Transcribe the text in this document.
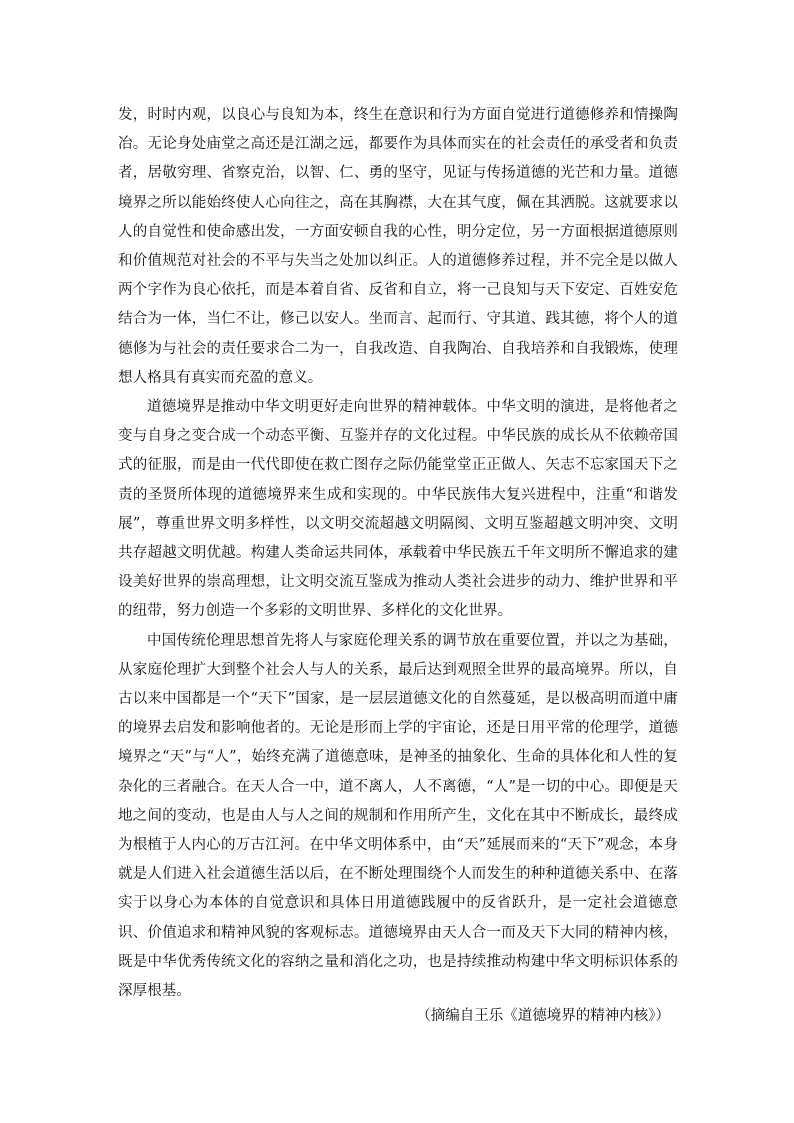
发，时时内观，以良心与良知为本，终生在意识和行为方面自觉进行道德修养和情操陶冶。无论身处庙堂之高还是江湖之远，都要作为具体而实在的社会责任的承受者和负责者，居敬穷理、省察克治，以智、仁、勇的坚守，见证与传扬道德的光芒和力量。道德境界之所以能始终使人心向往之，高在其胸襟，大在其气度，佩在其洒脱。这就要求以人的自觉性和使命感出发，一方面安顿自我的心性，明分定位，另一方面根据道德原则和价值规范对社会的不平与失当之处加以纠正。人的道德修养过程，并不完全是以做人两个字作为良心依托，而是本着自省、反省和自立，将一己良知与天下安定、百姓安危结合为一体，当仁不让，修己以安人。坐而言、起而行、守其道、践其德，将个人的道德修为与社会的责任要求合二为一，自我改造、自我陶冶、自我培养和自我锻炼，使理想人格具有真实而充盈的意义。

道德境界是推动中华文明更好走向世界的精神载体。中华文明的演进，是将他者之变与自身之变合成一个动态平衡、互鉴并存的文化过程。中华民族的成长从不依赖帝国式的征服，而是由一代代即使在救亡图存之际仍能堂堂正正做人、矢志不忘家国天下之责的圣贤所体现的道德境界来生成和实现的。中华民族伟大复兴进程中，注重“和谐发展”，尊重世界文明多样性，以文明交流超越文明隔阂、文明互鉴超越文明冲突、文明共存超越文明优越。构建人类命运共同体，承载着中华民族五千年文明所不懈追求的建设美好世界的崇高理想，让文明交流互鉴成为推动人类社会进步的动力、维护世界和平的纽带，努力创造一个多彩的文明世界、多样化的文化世界。

中国传统伦理思想首先将人与家庭伦理关系的调节放在重要位置，并以之为基础，从家庭伦理扩大到整个社会人与人的关系，最后达到观照全世界的最高境界。所以，自古以来中国都是一个“天下”国家，是一层层道德文化的自然蔓延，是以极高明而道中庸的境界去启发和影响他者的。无论是形而上学的宇宙论，还是日用平常的伦理学，道德境界之“天”与“人”，始终充满了道德意味，是神圣的抽象化、生命的具体化和人性的复杂化的三者融合。在天人合一中，道不离人，人不离德，“人”是一切的中心。即便是天地之间的变动，也是由人与人之间的规制和作用所产生，文化在其中不断成长，最终成为根植于人内心的万古江河。在中华文明体系中，由“天”延展而来的“天下”观念，本身就是人们进入社会道德生活以后，在不断处理围绕个人而发生的种种道德关系中、在落实于以身心为本体的自觉意识和具体日用道德践履中的反省跃升，是一定社会道德意识、价值追求和精神风貌的客观标志。道德境界由天人合一而及天下大同的精神内核，既是中华优秀传统文化的容纳之量和消化之功，也是持续推动构建中华文明标识体系的深厚根基。

（摘编自王乐《道德境界的精神内核》）
